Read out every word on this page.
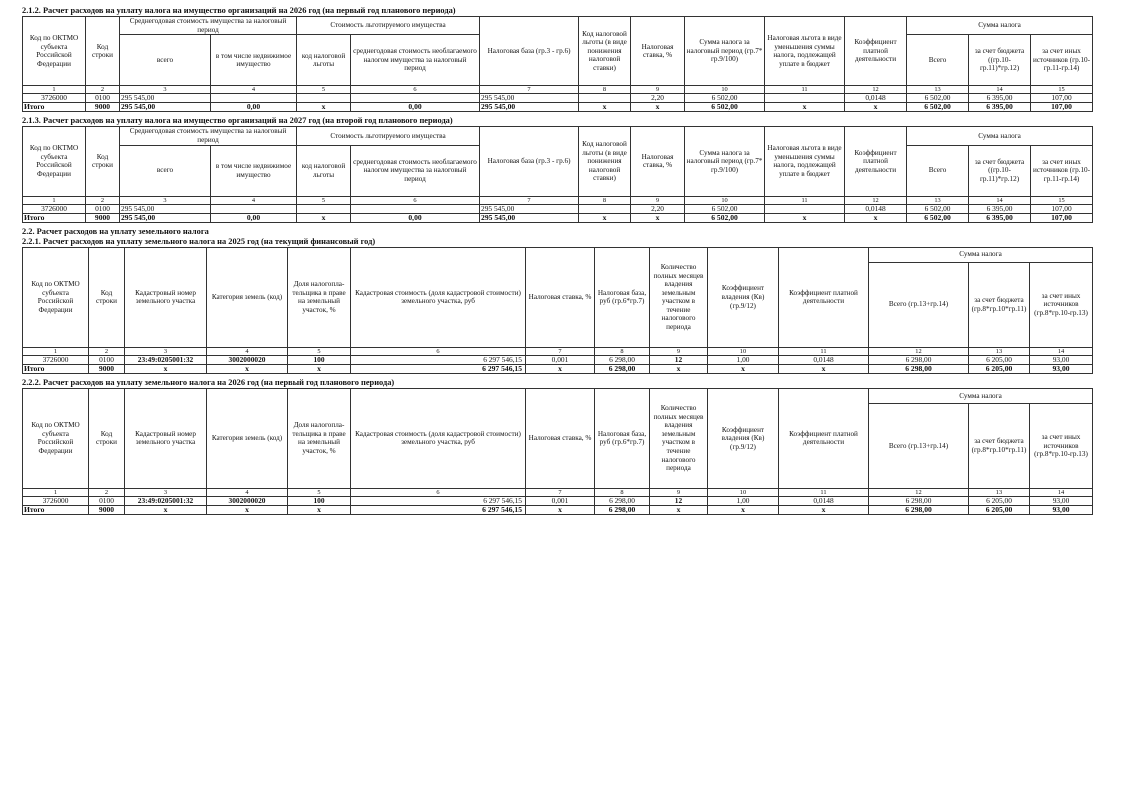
2.1.2. Расчет расходов на уплату налога на имущество организаций на 2026 год (на первый год планового периода)
Код по ОКТМО субъекта Российской Федерации	Код строки	Среднегодовая стоимость имущества за налоговый период		Стоимость льготируемого имущества		Налоговая база (гр.3 - гр.6)	Код налоговой льготы (в виде понижения налоговой ставки)	Налоговая ставка, %	Сумма налога за налоговый период (гр.7* гр.9/100)	Налоговая льгота в виде уменьшения суммы налога, подлежащей уплате в бюджет	Коэффициент платной деятельности	Сумма налога		
		всего	в том числе недвижимое имущество	код налоговой льготы	среднегодовая стоимость необлагаемого налогом имущества за налоговый период							Всего	за счет бюджета ((гр.10-гр.11)*гр.12)	за счет иных источников (гр.10-гр.11-гр.14)
1	2	3	4	5	6	7	8	9	10	11	12	13	14	15
3726000	0100	295 545,00				295 545,00		2,20	6 502,00		0,0148	6 502,00	6 395,00	107,00
Итого	9000	295 545,00	0,00	х	0,00	295 545,00	х	х	6 502,00	х	х	6 502,00	6 395,00	107,00
2.1.3. Расчет расходов на уплату налога на имущество организаций на 2027 год (на второй год планового периода)
Код по ОКТМО субъекта Российской Федерации	Код строки	Среднегодовая стоимость имущества за налоговый период		Стоимость льготируемого имущества		Налоговая база (гр.3 - гр.6)	Код налоговой льготы (в виде понижения налоговой ставки)	Налоговая ставка, %	Сумма налога за налоговый период (гр.7* гр.9/100)	Налоговая льгота в виде уменьшения суммы налога, подлежащей уплате в бюджет	Коэффициент платной деятельности	Сумма налога		
		всего	в том числе недвижимое имущество	код налоговой льготы	среднегодовая стоимость необлагаемого налогом имущества за налоговый период							Всего	за счет бюджета ((гр.10-гр.11)*гр.12)	за счет иных источников (гр.10-гр.11-гр.14)
1	2	3	4	5	6	7	8	9	10	11	12	13	14	15
3726000	0100	295 545,00				295 545,00		2,20	6 502,00		0,0148	6 502,00	6 395,00	107,00
Итого	9000	295 545,00	0,00	х	0,00	295 545,00	х	х	6 502,00	х	х	6 502,00	6 395,00	107,00
2.2. Расчет расходов на уплату земельного налога
2.2.1. Расчет расходов на уплату земельного налога на 2025 год (на текущий финансовый год)
Код по ОКТМО субъекта Российской Федерации	Код строки	Кадастровый номер земельного участка	Категория земель (код)	Доля налогопла-тельщика в праве на земельный участок, %	Кадастровая стоимость (доля кадастровой стоимости) земельного участка, руб	Налоговая ставка, %	Налоговая база, руб (гр.6*гр.7)	Количество полных месяцев владения земельным участком в течение налогового периода	Коэффициент владения (Кв) (гр.9/12)	Коэффициент платной деятельности	Сумма налога		
											Всего (гр.13+гр.14)	за счет бюджета (гр.8*гр.10*гр.11)	за счет иных источников (гр.8*гр.10-гр.13)
1	2	3	4	5	6	7	8	9	10	11	12	13	14
3726000	0100	23:49:0205001:32	3002000020	100	6 297 546,15	0,001	6 298,00	12	1,00	0,0148	6 298,00	6 205,00	93,00
Итого	9000	х	х	х	6 297 546,15	х	6 298,00	х	х	х	6 298,00	6 205,00	93,00
2.2.2. Расчет расходов на уплату земельного налога на 2026 год (на первый год планового периода)
Код по ОКТМО субъекта Российской Федерации	Код строки	Кадастровый номер земельного участка	Категория земель (код)	Доля налогопла-тельщика в праве на земельный участок, %	Кадастровая стоимость (доля кадастровой стоимости) земельного участка, руб	Налоговая ставка, %	Налоговая база, руб (гр.6*гр.7)	Количество полных месяцев владения земельным участком в течение налогового периода	Коэффициент владения (Кв) (гр.9/12)	Коэффициент платной деятельности	Сумма налога		
											Всего (гр.13+гр.14)	за счет бюджета (гр.8*гр.10*гр.11)	за счет иных источников (гр.8*гр.10-гр.13)
1	2	3	4	5	6	7	8	9	10	11	12	13	14
3726000	0100	23:49:0205001:32	3002000020	100	6 297 546,15	0,001	6 298,00	12	1,00	0,0148	6 298,00	6 205,00	93,00
Итого	9000	х	х	х	6 297 546,15	х	6 298,00	х	х	х	6 298,00	6 205,00	93,00
